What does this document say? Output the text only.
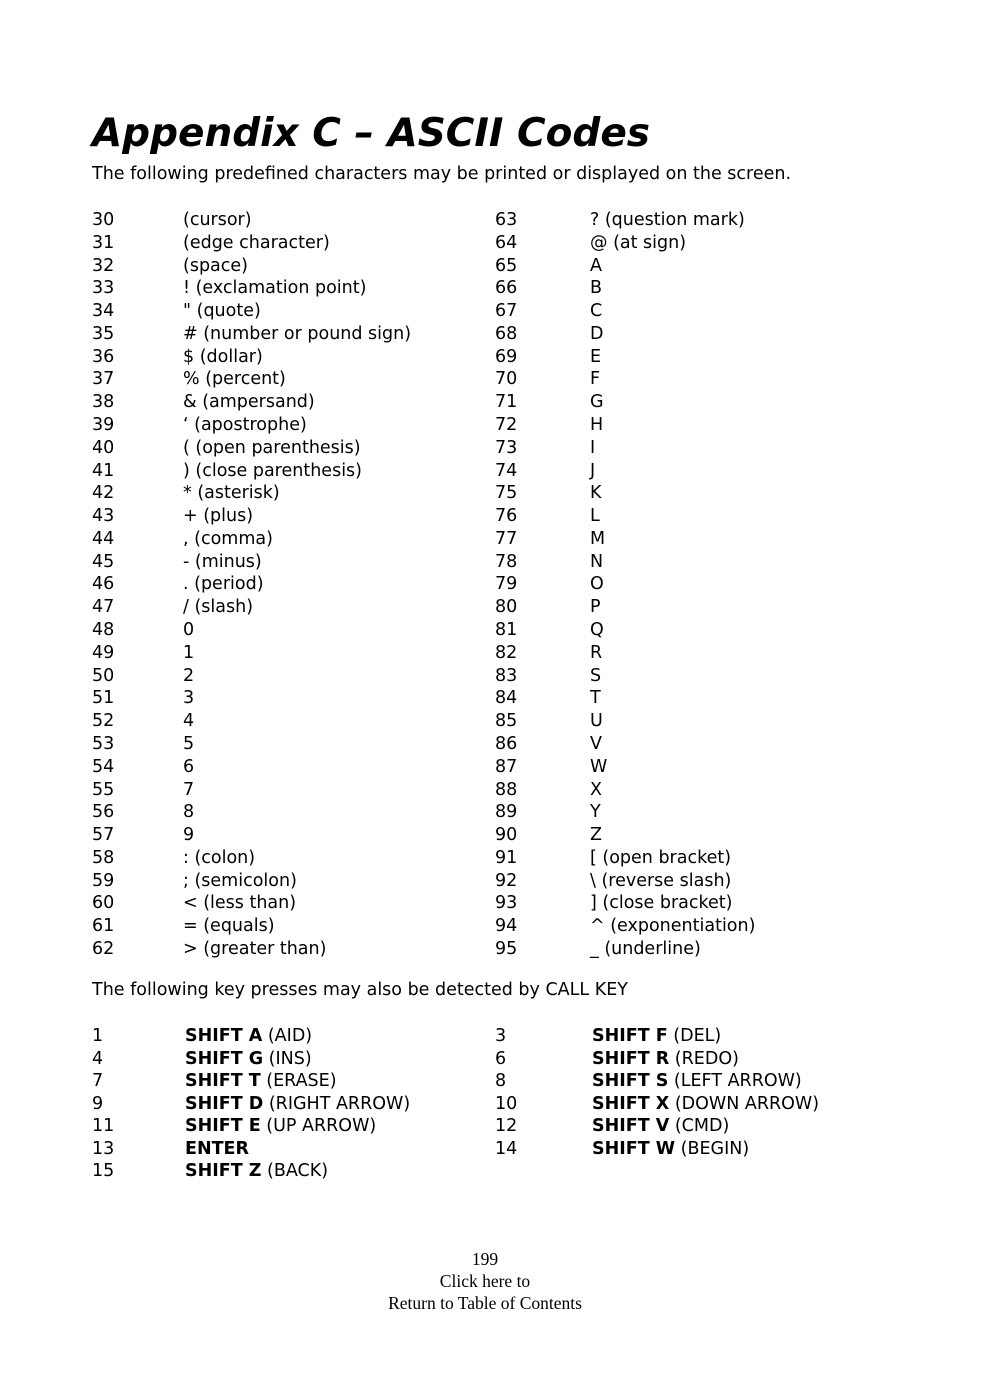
Appendix C – ASCII Codes

The following predefined characters may be printed or displayed on the screen.

30	(cursor)	63	? (question mark)
31	(edge character)	64	@ (at sign)
32	(space)	65	A
33	! (exclamation point)	66	B
34	" (quote)	67	C
35	# (number or pound sign)	68	D
36	$ (dollar)	69	E
37	% (percent)	70	F
38	& (ampersand)	71	G
39	‘ (apostrophe)	72	H
40	( (open parenthesis)	73	I
41	) (close parenthesis)	74	J
42	* (asterisk)	75	K
43	+ (plus)	76	L
44	, (comma)	77	M
45	- (minus)	78	N
46	. (period)	79	O
47	/ (slash)	80	P
48	0	81	Q
49	1	82	R
50	2	83	S
51	3	84	T
52	4	85	U
53	5	86	V
54	6	87	W
55	7	88	X
56	8	89	Y
57	9	90	Z
58	: (colon)	91	[ (open bracket)
59	; (semicolon)	92	\ (reverse slash)
60	< (less than)	93	] (close bracket)
61	= (equals)	94	^ (exponentiation)
62	> (greater than)	95	_ (underline)

The following key presses may also be detected by CALL KEY

1	SHIFT A (AID)	3	SHIFT F (DEL)
4	SHIFT G (INS)	6	SHIFT R (REDO)
7	SHIFT T (ERASE)	8	SHIFT S (LEFT ARROW)
9	SHIFT D (RIGHT ARROW)	10	SHIFT X (DOWN ARROW)
11	SHIFT E (UP ARROW)	12	SHIFT V (CMD)
13	ENTER	14	SHIFT W (BEGIN)
15	SHIFT Z (BACK)
199
Click here to
Return to Table of Contents
